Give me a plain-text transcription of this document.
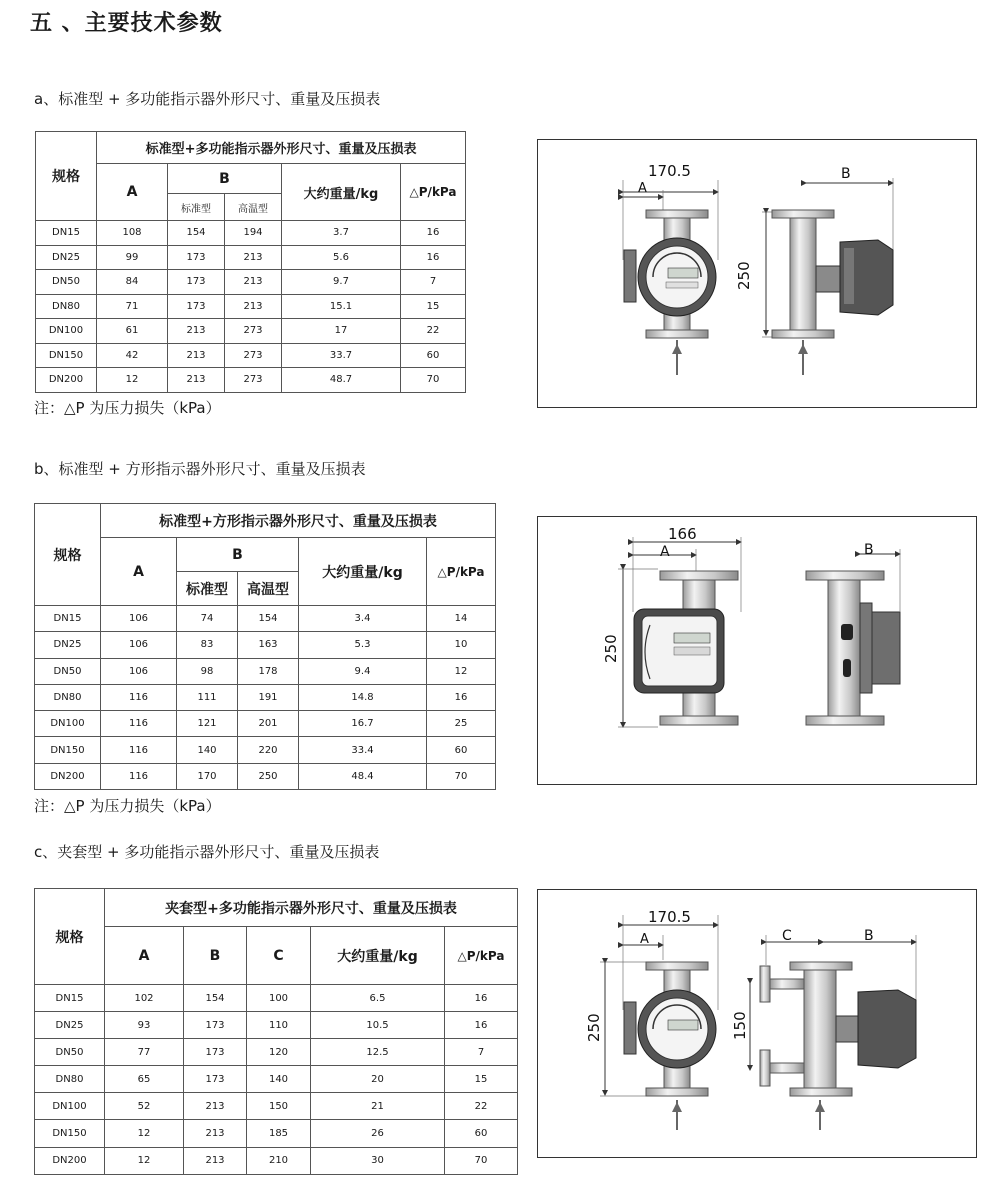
五 、主要技术参数
a、标准型 + 多功能指示器外形尺寸、重量及压损表
规格	标准型+多功能指示器外形尺寸、重量及压损表				
	A	B		大约重量/kg	△P/kPa
		标准型	高温型		
DN15	108	154	194	3.7	16
DN25	99	173	213	5.6	16
DN50	84	173	213	9.7	7
DN80	71	173	213	15.1	15
DN100	61	213	273	17	22
DN150	42	213	273	33.7	60
DN200	12	213	273	48.7	70
注：△P 为压力损失（kPa）
170.5
A
B
250
b、标准型 + 方形指示器外形尺寸、重量及压损表
规格	标准型+方形指示器外形尺寸、重量及压损表				
	A	B		大约重量/kg	△P/kPa
		标准型	高温型		
DN15	106	74	154	3.4	14
DN25	106	83	163	5.3	10
DN50	106	98	178	9.4	12
DN80	116	111	191	14.8	16
DN100	116	121	201	16.7	25
DN150	116	140	220	33.4	60
DN200	116	170	250	48.4	70
注：△P 为压力损失（kPa）
166
A
250
B
c、夹套型 + 多功能指示器外形尺寸、重量及压损表
规格	夹套型+多功能指示器外形尺寸、重量及压损表				
	A	B	C	大约重量/kg	△P/kPa
DN15	102	154	100	6.5	16
DN25	93	173	110	10.5	16
DN50	77	173	120	12.5	7
DN80	65	173	140	20	15
DN100	52	213	150	21	22
DN150	12	213	185	26	60
DN200	12	213	210	30	70
170.5
A
250
C	B
150
